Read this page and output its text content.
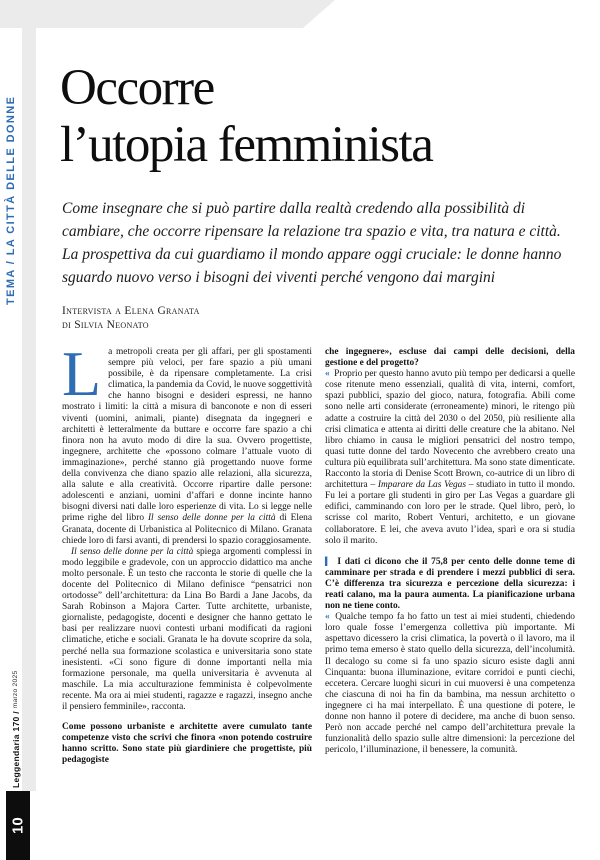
TEMA / LA CITTÀ DELLE DONNE
Leggendaria 170 / marzo 2025
10
Occorre
l’utopia femminista
Come insegnare che si può partire dalla realtà credendo alla possibilità di cambiare, che occorre ripensare la relazione tra spazio e vita, tra natura e città. La prospettiva da cui guardiamo il mondo appare oggi cruciale: le donne hanno sguardo nuovo verso i bisogni dei viventi perché vengono dai margini
Intervista a Elena Granata
di Silvia Neonato

La metropoli creata per gli affari, per gli spostamenti sempre più veloci, per fare spazio a più umani possibile, è da ripensare completamente. La crisi climatica, la pandemia da Covid, le nuove soggettività che hanno bisogni e desideri espressi, ne hanno mostrato i limiti: la città a misura di banconote e non di esseri viventi (uomini, animali, piante) disegnata da ingegneri e architetti è letteralmente da buttare e occorre fare spazio a chi finora non ha avuto modo di dire la sua. Ovvero progettiste, ingegnere, architette che «possono colmare l’attuale vuoto di immaginazione», perché stanno già progettando nuove forme della convivenza che diano spazio alle relazioni, alla sicurezza, alla salute e alla creatività. Occorre ripartire dalle persone: adolescenti e anziani, uomini d’affari e donne incinte hanno bisogni diversi nati dalle loro esperienze di vita. Lo si legge nelle prime righe del libro Il senso delle donne per la città di Elena Granata, docente di Urbanistica al Politecnico di Milano. Granata chiede loro di farsi avanti, di prendersi lo spazio coraggiosamente.

Il senso delle donne per la città spiega argomenti complessi in modo leggibile e gradevole, con un approccio didattico ma anche molto personale. È un testo che racconta le storie di quelle che la docente del Politecnico di Milano definisce “pensatrici non ortodosse” dell’architettura: da Lina Bo Bardi a Jane Jacobs, da Sarah Robinson a Majora Carter. Tutte architette, urbaniste, giornaliste, pedagogiste, docenti e designer che hanno gettato le basi per realizzare nuovi contesti urbani modificati da ragioni climatiche, etiche e sociali. Granata le ha dovute scoprire da sola, perché nella sua formazione scolastica e universitaria sono state inesistenti. «Ci sono figure di donne importanti nella mia formazione personale, ma quella universitaria è avvenuta al maschile. La mia acculturazione femminista è colpevolmente recente. Ma ora ai miei studenti, ragazze e ragazzi, insegno anche il pensiero femminile», racconta.

Come possono urbaniste e architette avere cumulato tante competenze visto che scrivi che finora «non potendo costruire hanno scritto. Sono state più giardiniere che progettiste, più pedagogiste

che ingegnere», escluse dai campi delle decisioni, della gestione e del progetto?

« Proprio per questo hanno avuto più tempo per dedicarsi a quelle cose ritenute meno essenziali, qualità di vita, interni, comfort, spazi pubblici, spazio del gioco, natura, fotografia. Abili come sono nelle arti considerate (erroneamente) minori, le ritengo più adatte a costruire la città del 2030 o del 2050, più resiliente alla crisi climatica e attenta ai diritti delle creature che la abitano. Nel libro chiamo in causa le migliori pensatrici del nostro tempo, quasi tutte donne del tardo Novecento che avrebbero creato una cultura più equilibrata sull’architettura. Ma sono state dimenticate. Racconto la storia di Denise Scott Brown, co-autrice di un libro di architettura – Imparare da Las Vegas – studiato in tutto il mondo. Fu lei a portare gli studenti in giro per Las Vegas a guardare gli edifici, camminando con loro per le strade. Quel libro, però, lo scrisse col marito, Robert Venturi, architetto, e un giovane collaboratore. E lei, che aveva avuto l’idea, sparì e ora si studia solo il marito.

▍ I dati ci dicono che il 75,8 per cento delle donne teme di camminare per strada e di prendere i mezzi pubblici di sera. C’è differenza tra sicurezza e percezione della sicurezza: i reati calano, ma la paura aumenta. La pianificazione urbana non ne tiene conto.

« Qualche tempo fa ho fatto un test ai miei studenti, chiedendo loro quale fosse l’emergenza collettiva più importante. Mi aspettavo dicessero la crisi climatica, la povertà o il lavoro, ma il primo tema emerso è stato quello della sicurezza, dell’incolumità. Il decalogo su come si fa uno spazio sicuro esiste dagli anni Cinquanta: buona illuminazione, evitare corridoi e punti ciechi, eccetera. Cercare luoghi sicuri in cui muoversi è una competenza che ciascuna di noi ha fin da bambina, ma nessun architetto o ingegnere ci ha mai interpellato. È una questione di potere, le donne non hanno il potere di decidere, ma anche di buon senso. Però non accade perché nel campo dell’architettura prevale la funzionalità dello spazio sulle altre dimensioni: la percezione del pericolo, l’illuminazione, il benessere, la comunità.
